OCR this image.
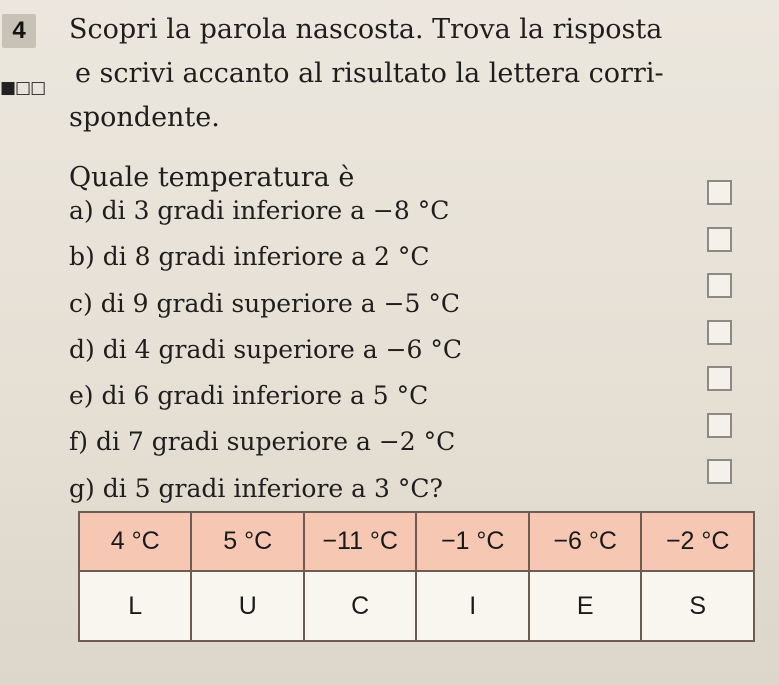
4
■□□
Scopri la parola nascosta. Trova la risposta
e scrivi accanto al risultato la lettera corri-
spondente.
Quale temperatura è
a) di 3 gradi inferiore a −8 °C
b) di 8 gradi inferiore a 2 °C
c) di 9 gradi superiore a −5 °C
d) di 4 gradi superiore a −6 °C
e) di 6 gradi inferiore a 5 °C
f) di 7 gradi superiore a −2 °C
g) di 5 gradi inferiore a 3 °C?
4 °C	5 °C	−11 °C	−1 °C	−6 °C	−2 °C
L	U	C	I	E	S
